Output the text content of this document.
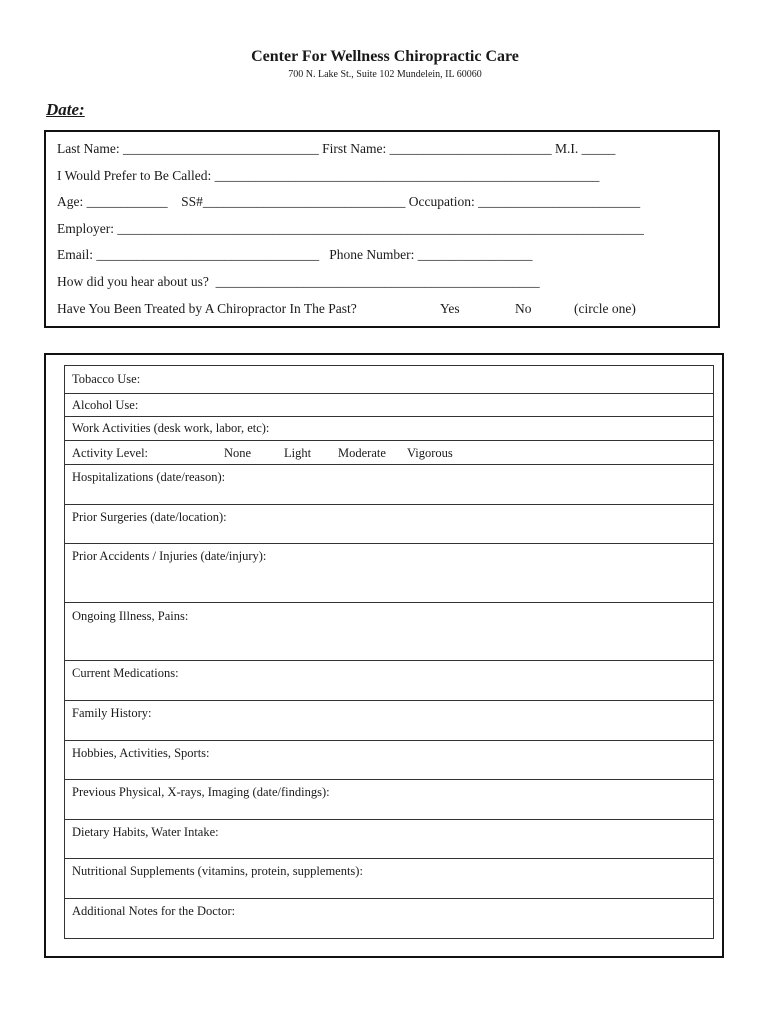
Center For Wellness Chiropractic Care
700 N. Lake St., Suite 102 Mundelein, IL 60060
Date:
Last Name: _____________________________ First Name: ________________________ M.I. _____
I Would Prefer to Be Called: _________________________________________________________
Age: ____________    SS#______________________________ Occupation: ________________________
Employer: ______________________________________________________________________________
Email: _________________________________   Phone Number: _________________
How did you hear about us?  ________________________________________________
Have You Been Treated by A Chiropractor In The Past?	Yes	No	(circle one)
Tobacco Use:
Alcohol Use:
Work Activities (desk work, labor, etc):
Activity Level:	None	Light Moderate Vigorous
Hospitalizations (date/reason):
Prior Surgeries (date/location):
Prior Accidents / Injuries (date/injury):
Ongoing Illness, Pains:
Current Medications:
Family History:
Hobbies, Activities, Sports:
Previous Physical, X-rays, Imaging (date/findings):
Dietary Habits, Water Intake:
Nutritional Supplements (vitamins, protein, supplements):
Additional Notes for the Doctor:
